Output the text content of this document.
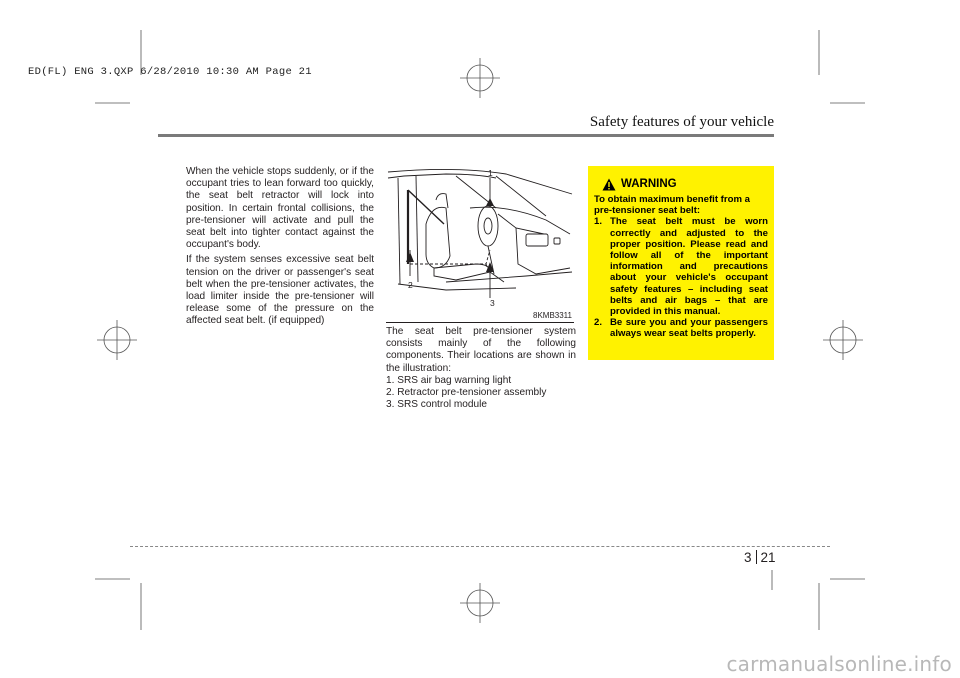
ED(FL) ENG 3.QXP 6/28/2010 10:30 AM Page 21
Safety features of your vehicle

When the vehicle stops suddenly, or if the occupant tries to lean forward too quickly, the seat belt retractor will lock into position. In certain frontal collisions, the pre-tensioner will activate and pull the seat belt into tighter contact against the occupant's body.

If the system senses excessive seat belt tension on the driver or passenger's seat belt when the pre-tensioner activates, the load limiter inside the pre-tensioner will release some of the pressure on the affected seat belt. (if equipped)

1
2
3
8KMB3311

The seat belt pre-tensioner system consists mainly of the following components. Their locations are shown in the illustration:

1. SRS air bag warning light

2. Retractor pre-tensioner assembly

3. SRS control module

WARNING

To obtain maximum benefit from a pre-tensioner seat belt:

1. The seat belt must be worn correctly and adjusted to the proper position. Please read and follow all of the important information and precautions about your vehicle's occupant safety features – including seat belts and air bags – that are provided in this manual.
2. Be sure you and your passengers always wear seat belts properly.
3 21
carmanualsonline.info
